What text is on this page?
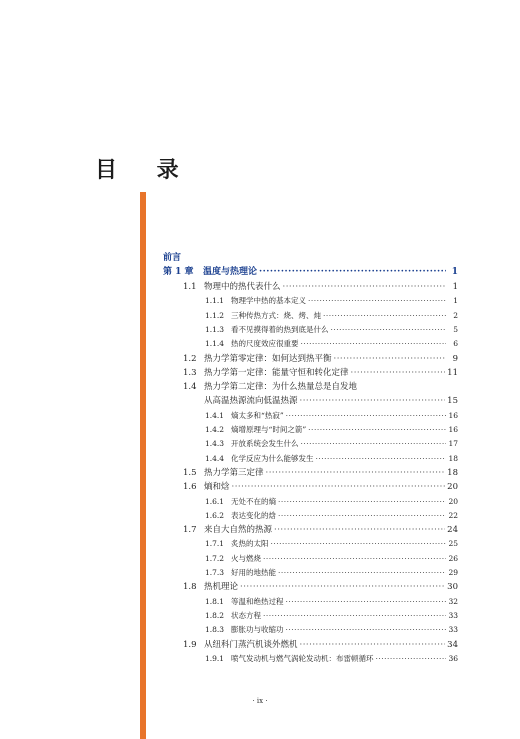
目 录
前言
第 1 章	温度与热理论 ·····	1
1.1 物理中的热代表什么 ·····	1
1.1.1 物理学中热的基本定义 ·····	1
1.1.2 三种传热方式：烧、烤、炖 ·····	2
1.1.3 看不见摸得着的热到底是什么 ·····	5
1.1.4 热的尺度效应很重要 ·····	6
1.2 热力学第零定律：如何达到热平衡 ·····	9
1.3 热力学第一定律：能量守恒和转化定律 ·····	11
1.4 热力学第二定律：为什么热量总是自发地
从高温热源流向低温热源 ·····	15
1.4.1 熵太多和“热寂” ·····	16
1.4.2 熵增原理与“时间之箭” ·····	16
1.4.3 开放系统会发生什么 ·····	17
1.4.4 化学反应为什么能够发生 ·····	18
1.5 热力学第三定律 ·····	18
1.6 熵和焓 ·····	20
1.6.1 无处不在的熵 ·····	20
1.6.2 表达变化的焓 ·····	22
1.7 来自大自然的热源 ·····	24
1.7.1 炙热的太阳 ·····	25
1.7.2 火与燃烧 ·····	26
1.7.3 好用的地热能 ·····	29
1.8 热机理论 ·····	30
1.8.1 等温和绝热过程 ·····	32
1.8.2 状态方程 ·····	33
1.8.3 膨胀功与收缩功 ·····	33
1.9 从纽科门蒸汽机谈外燃机 ·····	34
1.9.1 喷气发动机与燃气涡轮发动机：布雷顿循环 ·····	36
· ix ·
